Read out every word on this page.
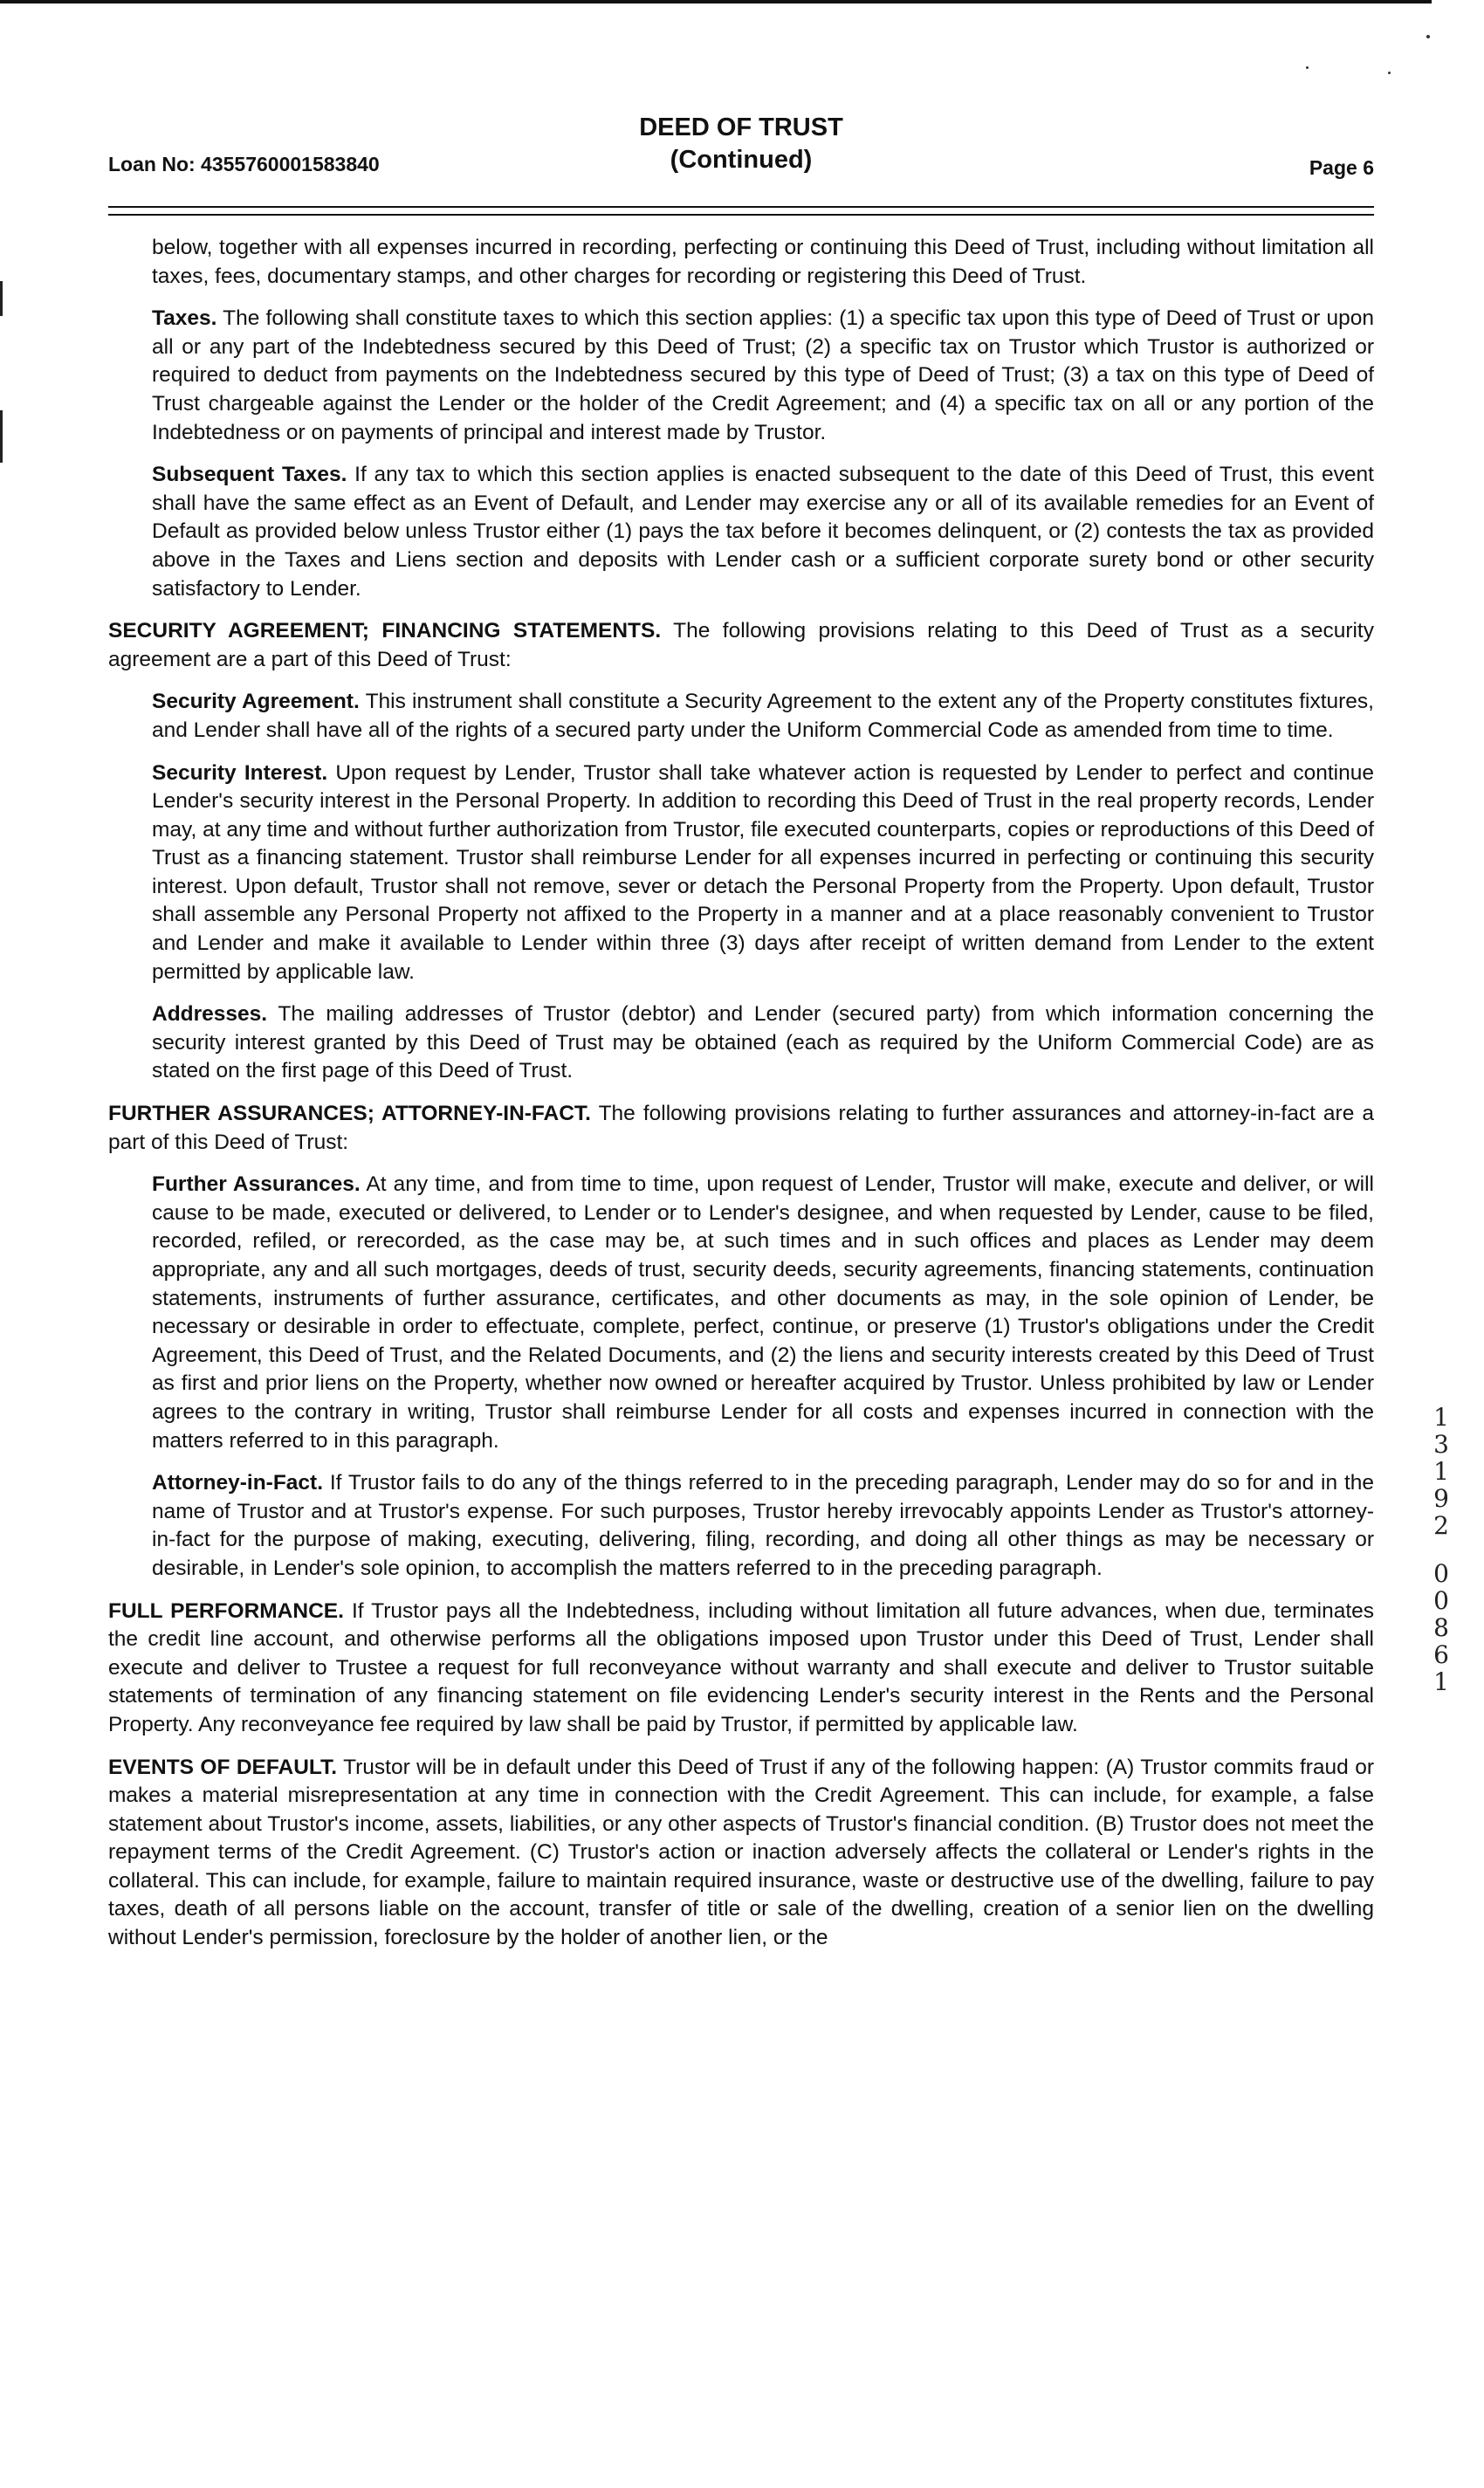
Loan No: 4355760001583840
DEED OF TRUST
(Continued)	Page 6

below, together with all expenses incurred in recording, perfecting or continuing this Deed of Trust, including without limitation all taxes, fees, documentary stamps, and other charges for recording or registering this Deed of Trust.

Taxes. The following shall constitute taxes to which this section applies: (1) a specific tax upon this type of Deed of Trust or upon all or any part of the Indebtedness secured by this Deed of Trust; (2) a specific tax on Trustor which Trustor is authorized or required to deduct from payments on the Indebtedness secured by this type of Deed of Trust; (3) a tax on this type of Deed of Trust chargeable against the Lender or the holder of the Credit Agreement; and (4) a specific tax on all or any portion of the Indebtedness or on payments of principal and interest made by Trustor.

Subsequent Taxes. If any tax to which this section applies is enacted subsequent to the date of this Deed of Trust, this event shall have the same effect as an Event of Default, and Lender may exercise any or all of its available remedies for an Event of Default as provided below unless Trustor either (1) pays the tax before it becomes delinquent, or (2) contests the tax as provided above in the Taxes and Liens section and deposits with Lender cash or a sufficient corporate surety bond or other security satisfactory to Lender.

SECURITY AGREEMENT; FINANCING STATEMENTS. The following provisions relating to this Deed of Trust as a security agreement are a part of this Deed of Trust:

Security Agreement. This instrument shall constitute a Security Agreement to the extent any of the Property constitutes fixtures, and Lender shall have all of the rights of a secured party under the Uniform Commercial Code as amended from time to time.

Security Interest. Upon request by Lender, Trustor shall take whatever action is requested by Lender to perfect and continue Lender's security interest in the Personal Property. In addition to recording this Deed of Trust in the real property records, Lender may, at any time and without further authorization from Trustor, file executed counterparts, copies or reproductions of this Deed of Trust as a financing statement. Trustor shall reimburse Lender for all expenses incurred in perfecting or continuing this security interest. Upon default, Trustor shall not remove, sever or detach the Personal Property from the Property. Upon default, Trustor shall assemble any Personal Property not affixed to the Property in a manner and at a place reasonably convenient to Trustor and Lender and make it available to Lender within three (3) days after receipt of written demand from Lender to the extent permitted by applicable law.

Addresses. The mailing addresses of Trustor (debtor) and Lender (secured party) from which information concerning the security interest granted by this Deed of Trust may be obtained (each as required by the Uniform Commercial Code) are as stated on the first page of this Deed of Trust.

FURTHER ASSURANCES; ATTORNEY-IN-FACT. The following provisions relating to further assurances and attorney-in-fact are a part of this Deed of Trust:

Further Assurances. At any time, and from time to time, upon request of Lender, Trustor will make, execute and deliver, or will cause to be made, executed or delivered, to Lender or to Lender's designee, and when requested by Lender, cause to be filed, recorded, refiled, or rerecorded, as the case may be, at such times and in such offices and places as Lender may deem appropriate, any and all such mortgages, deeds of trust, security deeds, security agreements, financing statements, continuation statements, instruments of further assurance, certificates, and other documents as may, in the sole opinion of Lender, be necessary or desirable in order to effectuate, complete, perfect, continue, or preserve (1) Trustor's obligations under the Credit Agreement, this Deed of Trust, and the Related Documents, and (2) the liens and security interests created by this Deed of Trust as first and prior liens on the Property, whether now owned or hereafter acquired by Trustor. Unless prohibited by law or Lender agrees to the contrary in writing, Trustor shall reimburse Lender for all costs and expenses incurred in connection with the matters referred to in this paragraph.

Attorney-in-Fact. If Trustor fails to do any of the things referred to in the preceding paragraph, Lender may do so for and in the name of Trustor and at Trustor's expense. For such purposes, Trustor hereby irrevocably appoints Lender as Trustor's attorney-in-fact for the purpose of making, executing, delivering, filing, recording, and doing all other things as may be necessary or desirable, in Lender's sole opinion, to accomplish the matters referred to in the preceding paragraph.

FULL PERFORMANCE. If Trustor pays all the Indebtedness, including without limitation all future advances, when due, terminates the credit line account, and otherwise performs all the obligations imposed upon Trustor under this Deed of Trust, Lender shall execute and deliver to Trustee a request for full reconveyance without warranty and shall execute and deliver to Trustor suitable statements of termination of any financing statement on file evidencing Lender's security interest in the Rents and the Personal Property. Any reconveyance fee required by law shall be paid by Trustor, if permitted by applicable law.

EVENTS OF DEFAULT. Trustor will be in default under this Deed of Trust if any of the following happen: (A) Trustor commits fraud or makes a material misrepresentation at any time in connection with the Credit Agreement. This can include, for example, a false statement about Trustor's income, assets, liabilities, or any other aspects of Trustor's financial condition. (B) Trustor does not meet the repayment terms of the Credit Agreement. (C) Trustor's action or inaction adversely affects the collateral or Lender's rights in the collateral. This can include, for example, failure to maintain required insurance, waste or destructive use of the dwelling, failure to pay taxes, death of all persons liable on the account, transfer of title or sale of the dwelling, creation of a senior lien on the dwelling without Lender's permission, foreclosure by the holder of another lien, or the

1
3
1
9
2
0
0
8
6
1
